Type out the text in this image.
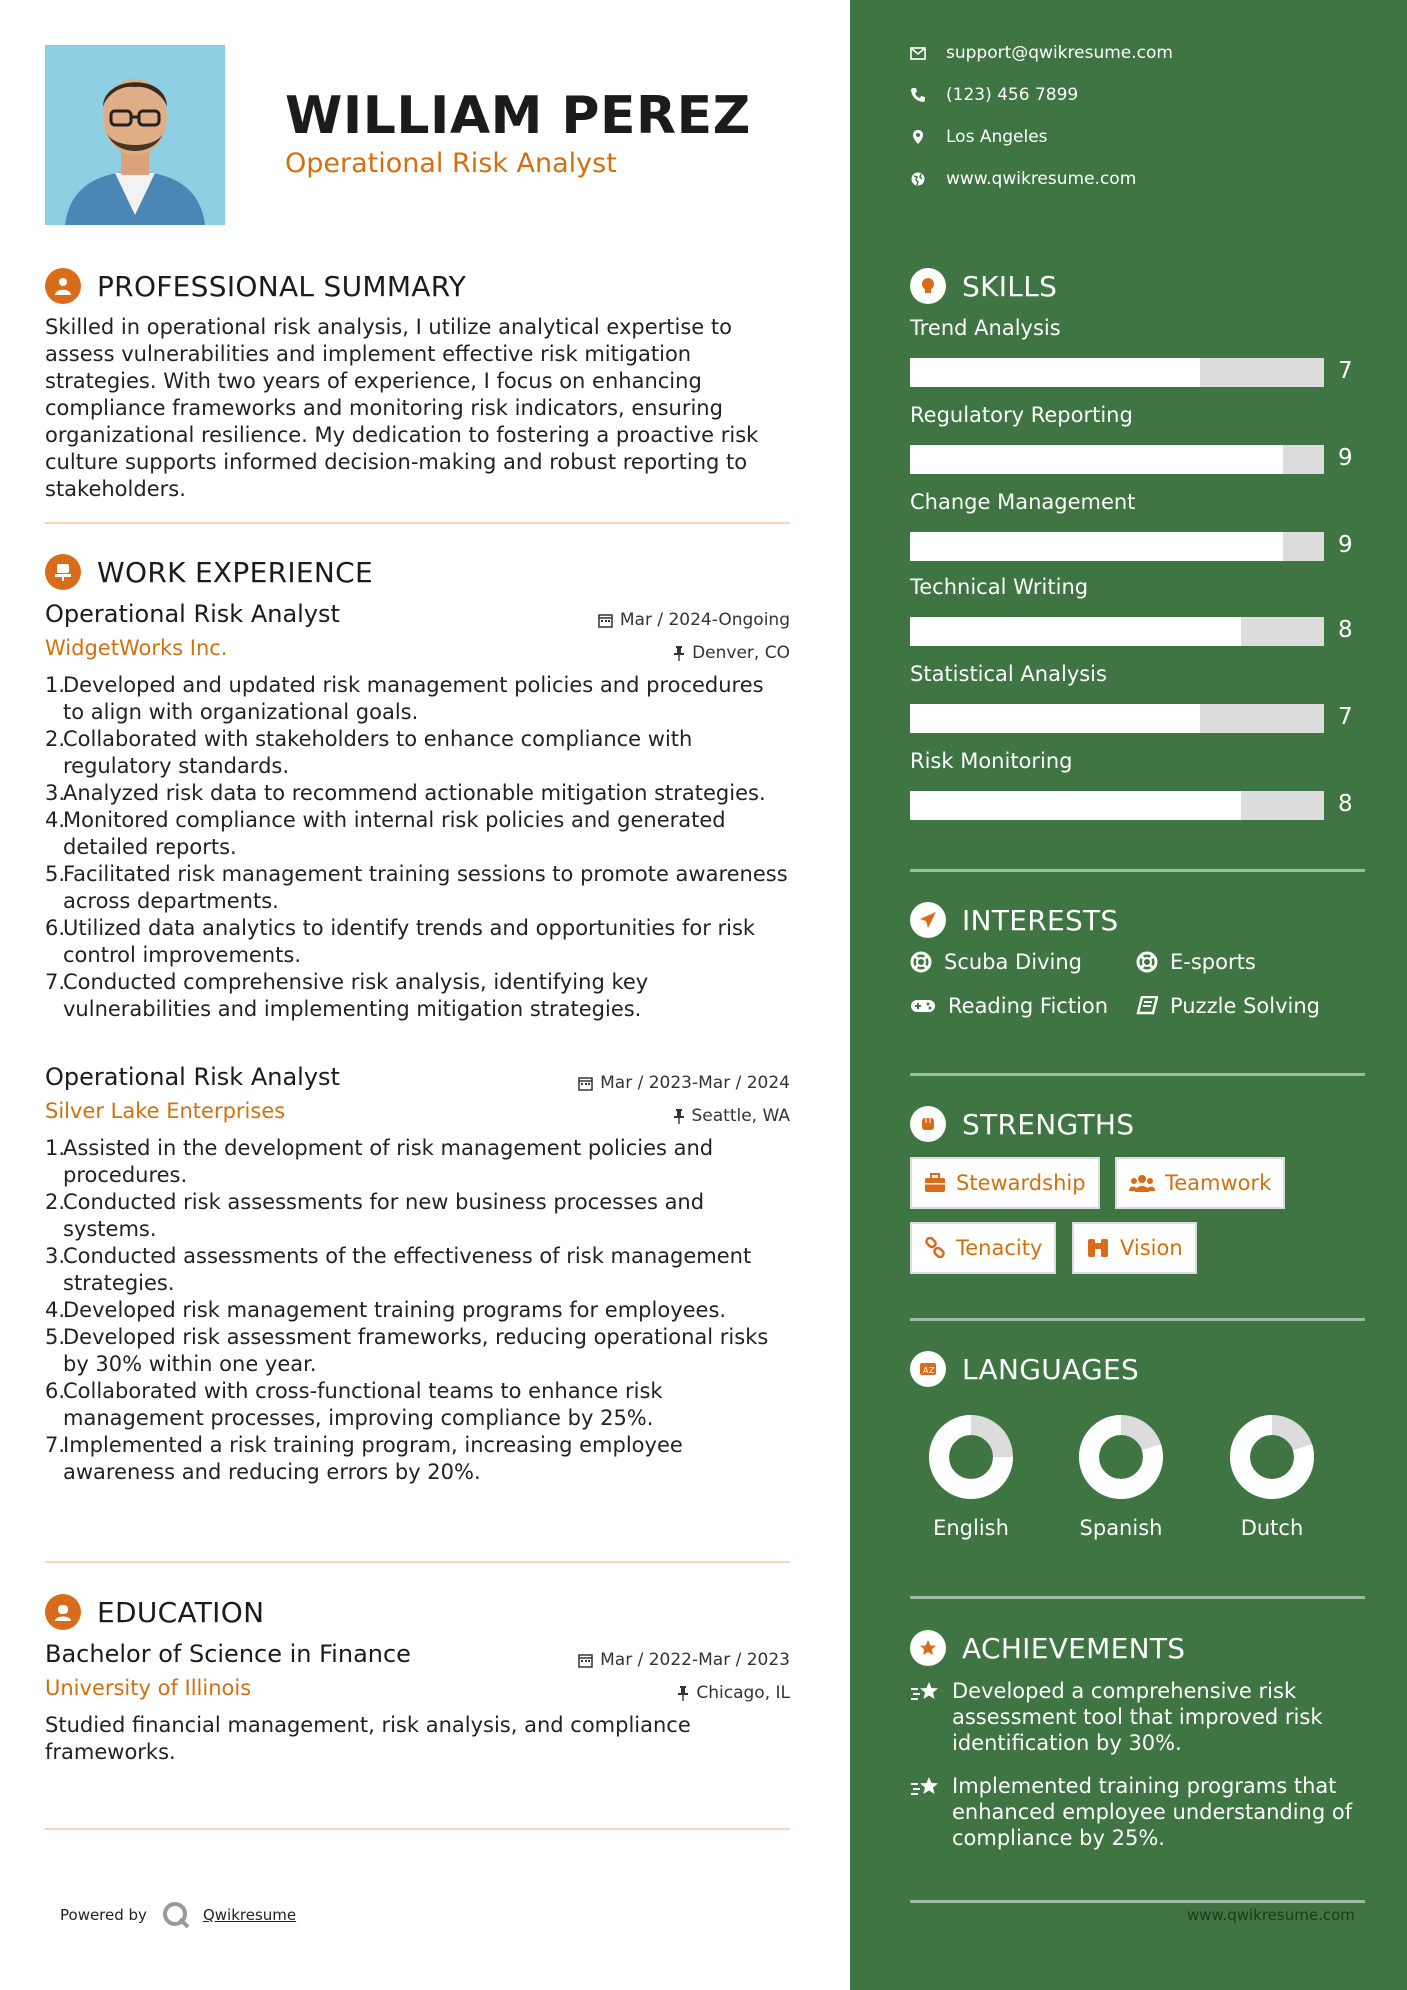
WILLIAM PEREZ
Operational Risk Analyst
PROFESSIONAL SUMMARY
Skilled in operational risk analysis, I utilize analytical expertise to assess vulnerabilities and implement effective risk mitigation strategies. With two years of experience, I focus on enhancing compliance frameworks and monitoring risk indicators, ensuring organizational resilience. My dedication to fostering a proactive risk culture supports informed decision-making and robust reporting to stakeholders.
WORK EXPERIENCE
Operational Risk Analyst	Mar / 2024-Ongoing
WidgetWorks Inc.	Denver, CO
1.
Developed and updated risk management policies and procedures to align with organizational goals.
2.
Collaborated with stakeholders to enhance compliance with regulatory standards.
3.
Analyzed risk data to recommend actionable mitigation strategies.
4.
Monitored compliance with internal risk policies and generated detailed reports.
5.
Facilitated risk management training sessions to promote awareness across departments.
6.
Utilized data analytics to identify trends and opportunities for risk control improvements.
7.
Conducted comprehensive risk analysis, identifying key vulnerabilities and implementing mitigation strategies.
Operational Risk Analyst	Mar / 2023-Mar / 2024
Silver Lake Enterprises	Seattle, WA
1.
Assisted in the development of risk management policies and procedures.
2.
Conducted risk assessments for new business processes and systems.
3.
Conducted assessments of the effectiveness of risk management strategies.
4.
Developed risk management training programs for employees.
5.
Developed risk assessment frameworks, reducing operational risks by 30% within one year.
6.
Collaborated with cross-functional teams to enhance risk management processes, improving compliance by 25%.
7.
Implemented a risk training program, increasing employee awareness and reducing errors by 20%.
EDUCATION
Bachelor of Science in Finance	Mar / 2022-Mar / 2023
University of Illinois	Chicago, IL
Studied financial management, risk analysis, and compliance frameworks.
Powered by	Qwikresume
support@qwikresume.com
(123) 456 7899
Los Angeles
www.qwikresume.com
SKILLS
Trend Analysis
7
Regulatory Reporting
9
Change Management
9
Technical Writing
8
Statistical Analysis
7
Risk Monitoring
8
INTERESTS
Scuba Diving	E-sports
Reading Fiction	Puzzle Solving
STRENGTHS
Stewardship	Teamwork
Tenacity	Vision
A Z LANGUAGES
English	Spanish	Dutch
ACHIEVEMENTS
Developed a comprehensive risk assessment tool that improved risk identification by 30%.
Implemented training programs that enhanced employee understanding of compliance by 25%.
www.qwikresume.com
